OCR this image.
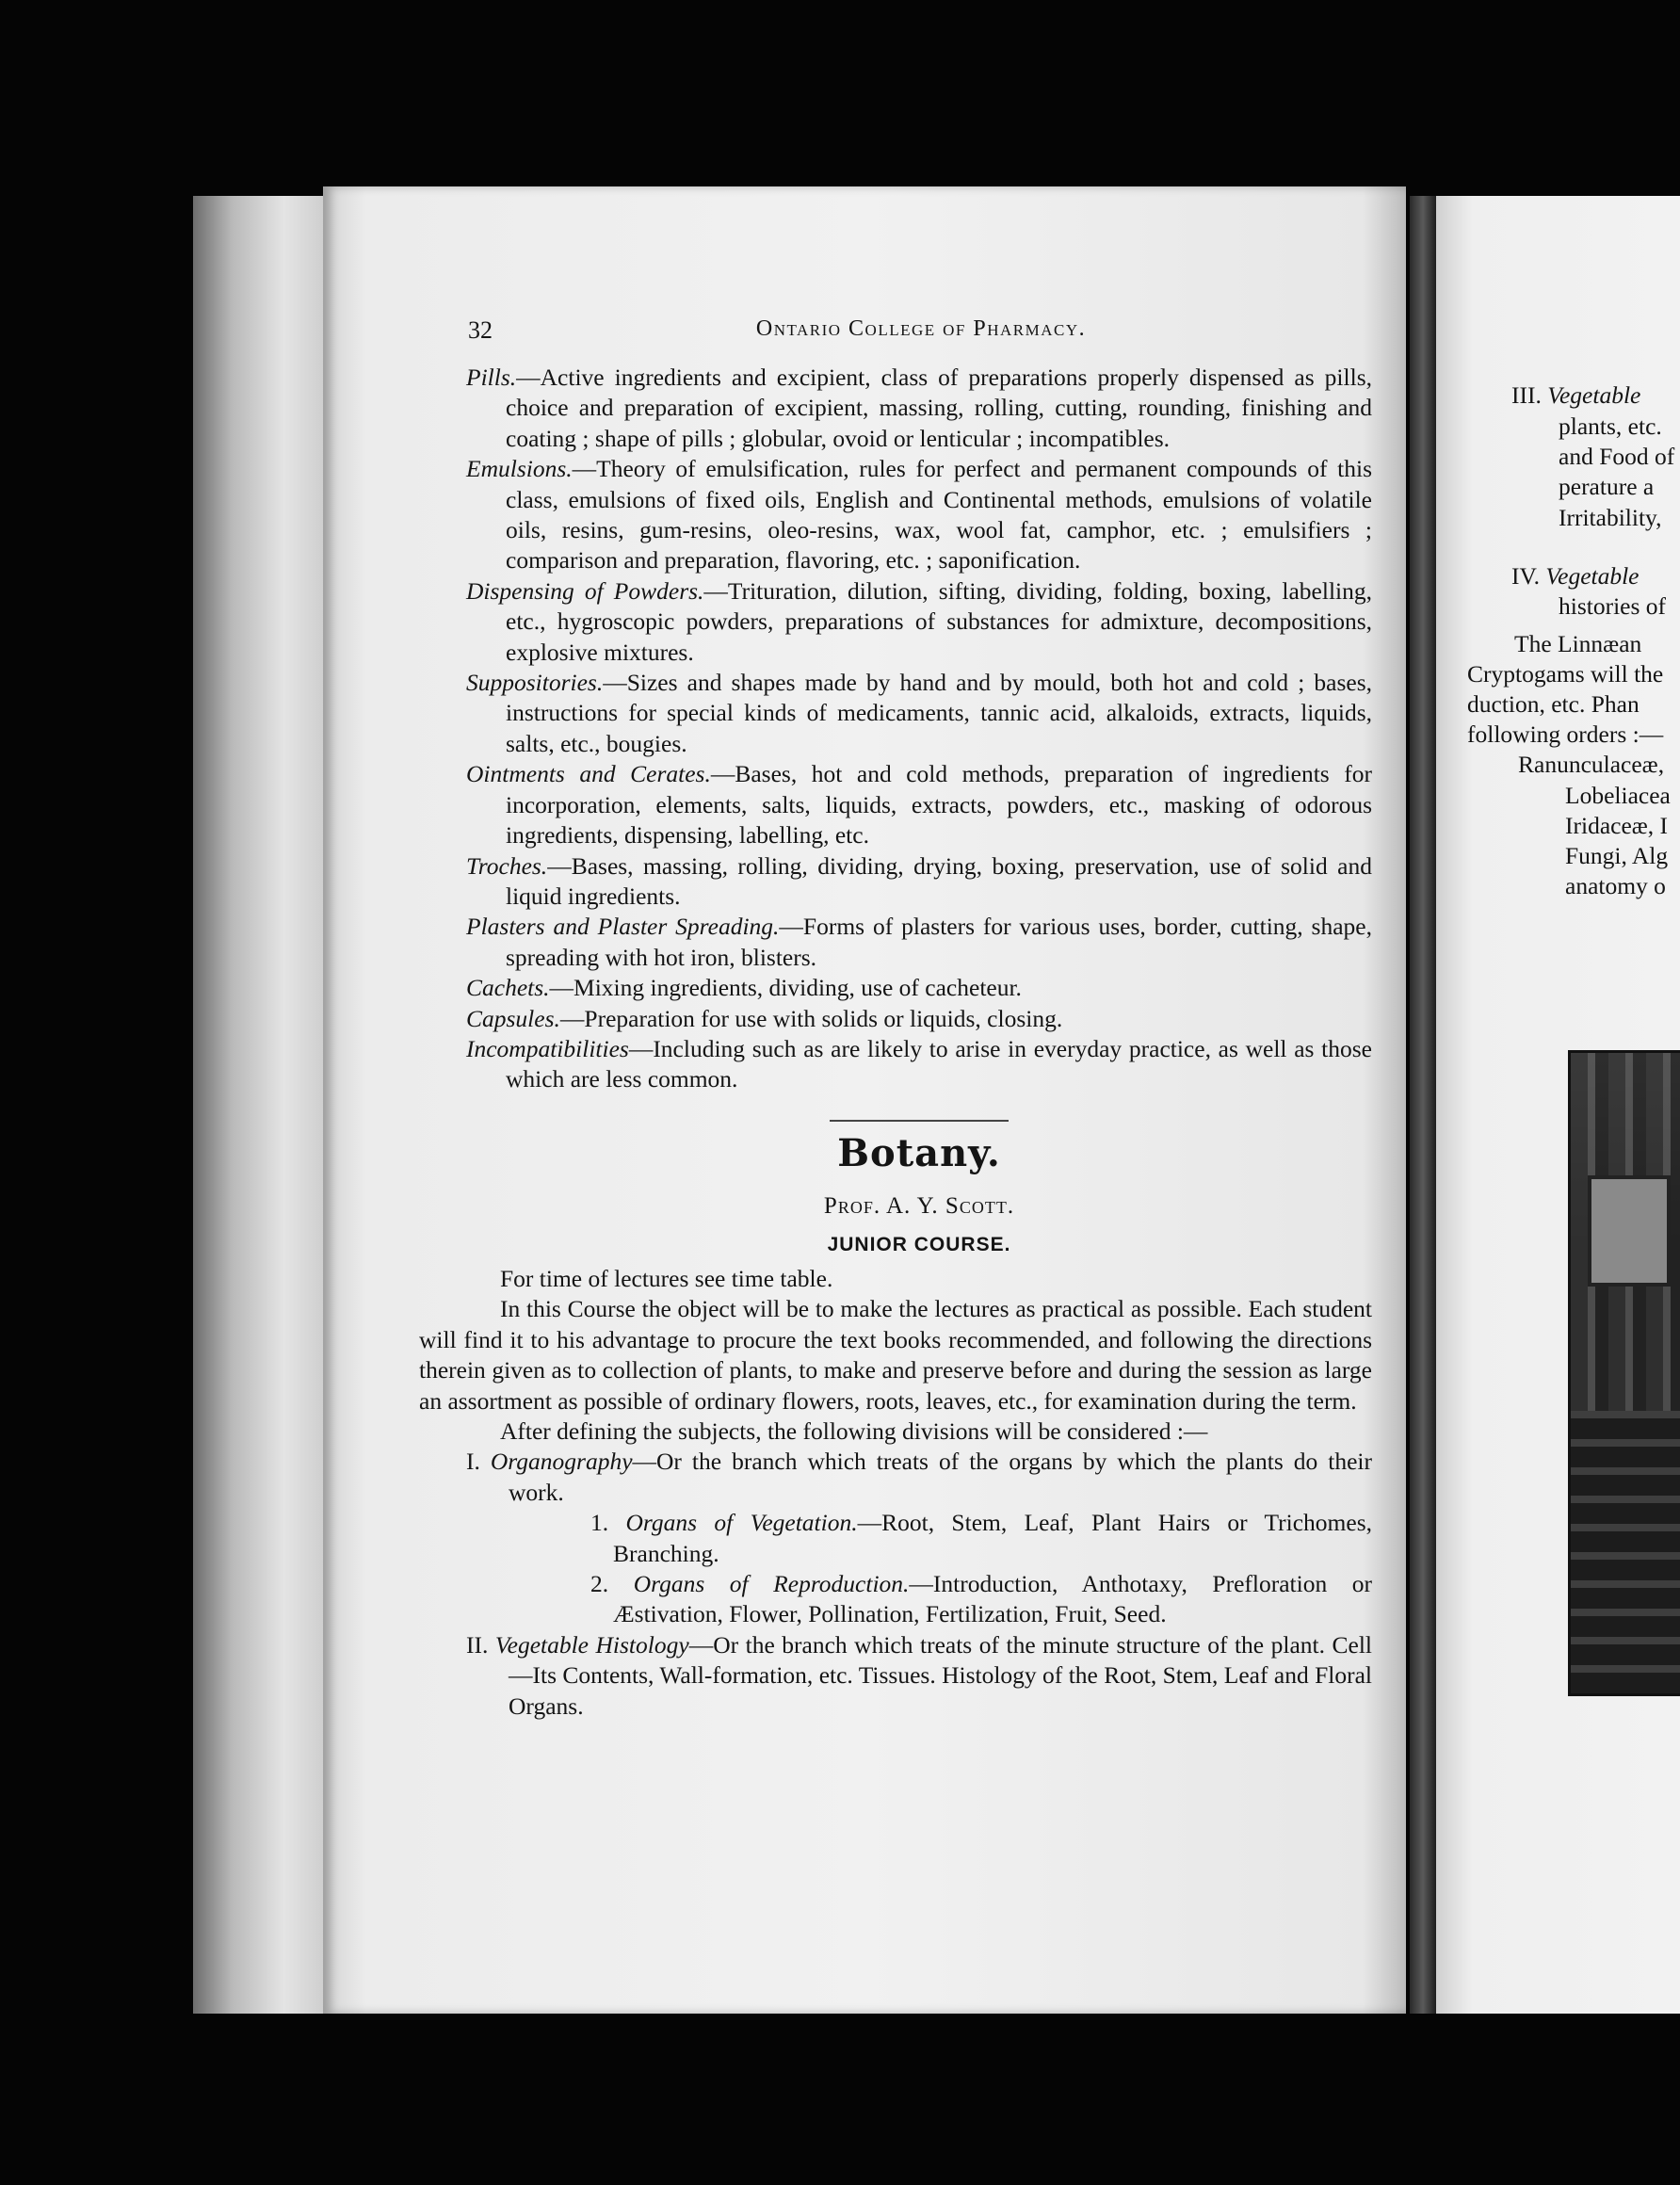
32	Ontario College of Pharmacy.

Pills.—Active ingredients and excipient, class of preparations properly dispensed as pills, choice and preparation of excipient, massing, rolling, cutting, rounding, finishing and coating ; shape of pills ; globular, ovoid or lenticular ; incompatibles.

Emulsions.—Theory of emulsification, rules for perfect and permanent compounds of this class, emulsions of fixed oils, English and Continental methods, emulsions of volatile oils, resins, gum-resins, oleo-resins, wax, wool fat, camphor, etc. ; emulsifiers ; comparison and preparation, flavoring, etc. ; saponification.

Dispensing of Powders.—Trituration, dilution, sifting, dividing, folding, boxing, labelling, etc., hygroscopic powders, preparations of substances for admixture, decompositions, explosive mixtures.

Suppositories.—Sizes and shapes made by hand and by mould, both hot and cold ; bases, instructions for special kinds of medicaments, tannic acid, alkaloids, extracts, liquids, salts, etc., bougies.

Ointments and Cerates.—Bases, hot and cold methods, preparation of ingredients for incorporation, elements, salts, liquids, extracts, powders, etc., masking of odorous ingredients, dispensing, labelling, etc.

Troches.—Bases, massing, rolling, dividing, drying, boxing, preservation, use of solid and liquid ingredients.

Plasters and Plaster Spreading.—Forms of plasters for various uses, border, cutting, shape, spreading with hot iron, blisters.

Cachets.—Mixing ingredients, dividing, use of cacheteur.

Capsules.—Preparation for use with solids or liquids, closing.

Incompatibilities—Including such as are likely to arise in everyday practice, as well as those which are less common.

Botany.

Prof. A. Y. Scott.

JUNIOR COURSE.

For time of lectures see time table.

In this Course the object will be to make the lectures as practical as possible. Each student will find it to his advantage to procure the text books recommended, and following the directions therein given as to collection of plants, to make and preserve before and during the session as large an assortment as possible of ordinary flowers, roots, leaves, etc., for examination during the term.

After defining the subjects, the following divisions will be considered :—

I. Organography—Or the branch which treats of the organs by which the plants do their work.

1. Organs of Vegetation.—Root, Stem, Leaf, Plant Hairs or Trichomes, Branching.

2. Organs of Reproduction.—Introduction, Anthotaxy, Prefloration or Æstivation, Flower, Pollination, Fertilization, Fruit, Seed.

II. Vegetable Histology—Or the branch which treats of the minute structure of the plant. Cell—Its Contents, Wall-formation, etc. Tissues. Histology of the Root, Stem, Leaf and Floral Organs.

III. Vegetable
plants, etc.
and Food of
perature a
Irritability,
IV. Vegetable
histories of
The Linnæan
Cryptogams will the
duction, etc. Phan
following orders :—
Ranunculaceæ,
Lobeliacea
Iridaceæ, I
Fungi, Alg
anatomy o
